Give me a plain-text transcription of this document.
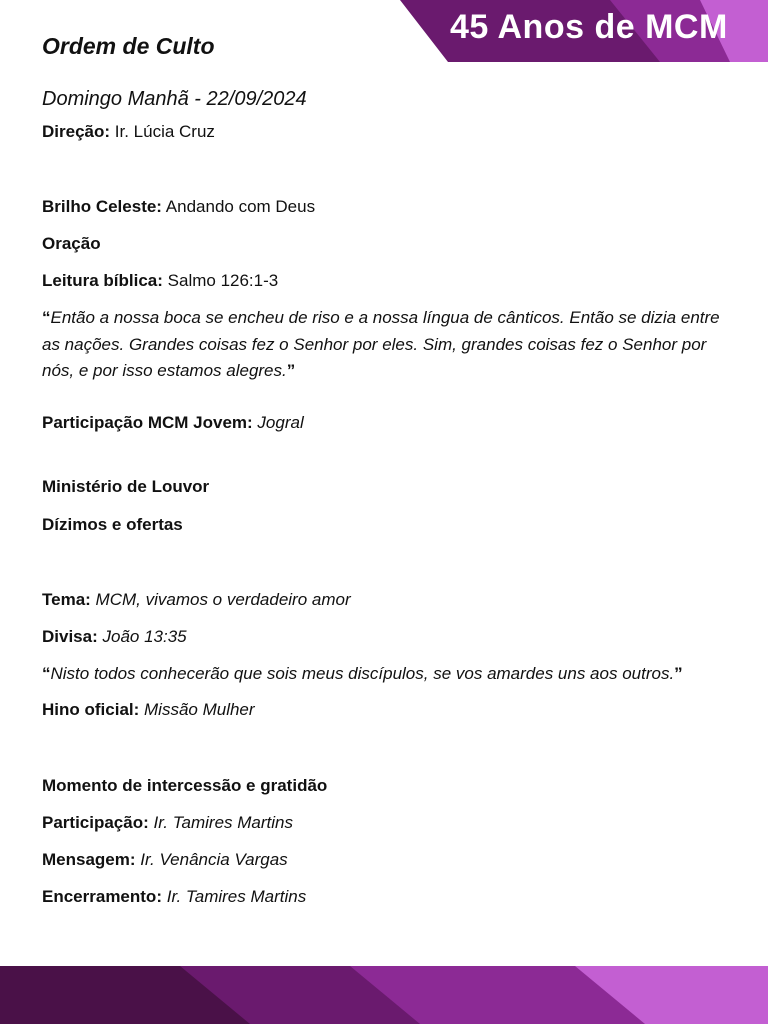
45 Anos de MCM
Ordem de Culto
Domingo Manhã - 22/09/2024
Direção: Ir. Lúcia Cruz
Brilho Celeste: Andando com Deus
Oração
Leitura bíblica: Salmo 126:1-3
“Então a nossa boca se encheu de riso e a nossa língua de cânticos. Então se dizia entre as nações. Grandes coisas fez o Senhor por eles. Sim, grandes coisas fez o Senhor por nós, e por isso estamos alegres.”
Participação MCM Jovem: Jogral
Ministério de Louvor
Dízimos e ofertas
Tema: MCM, vivamos o verdadeiro amor
Divisa: João 13:35
“Nisto todos conhecerão que sois meus discípulos, se vos amardes uns aos outros.”
Hino oficial: Missão Mulher
Momento de intercessão e gratidão
Participação: Ir. Tamires Martins
Mensagem: Ir. Venância Vargas
Encerramento: Ir. Tamires Martins
